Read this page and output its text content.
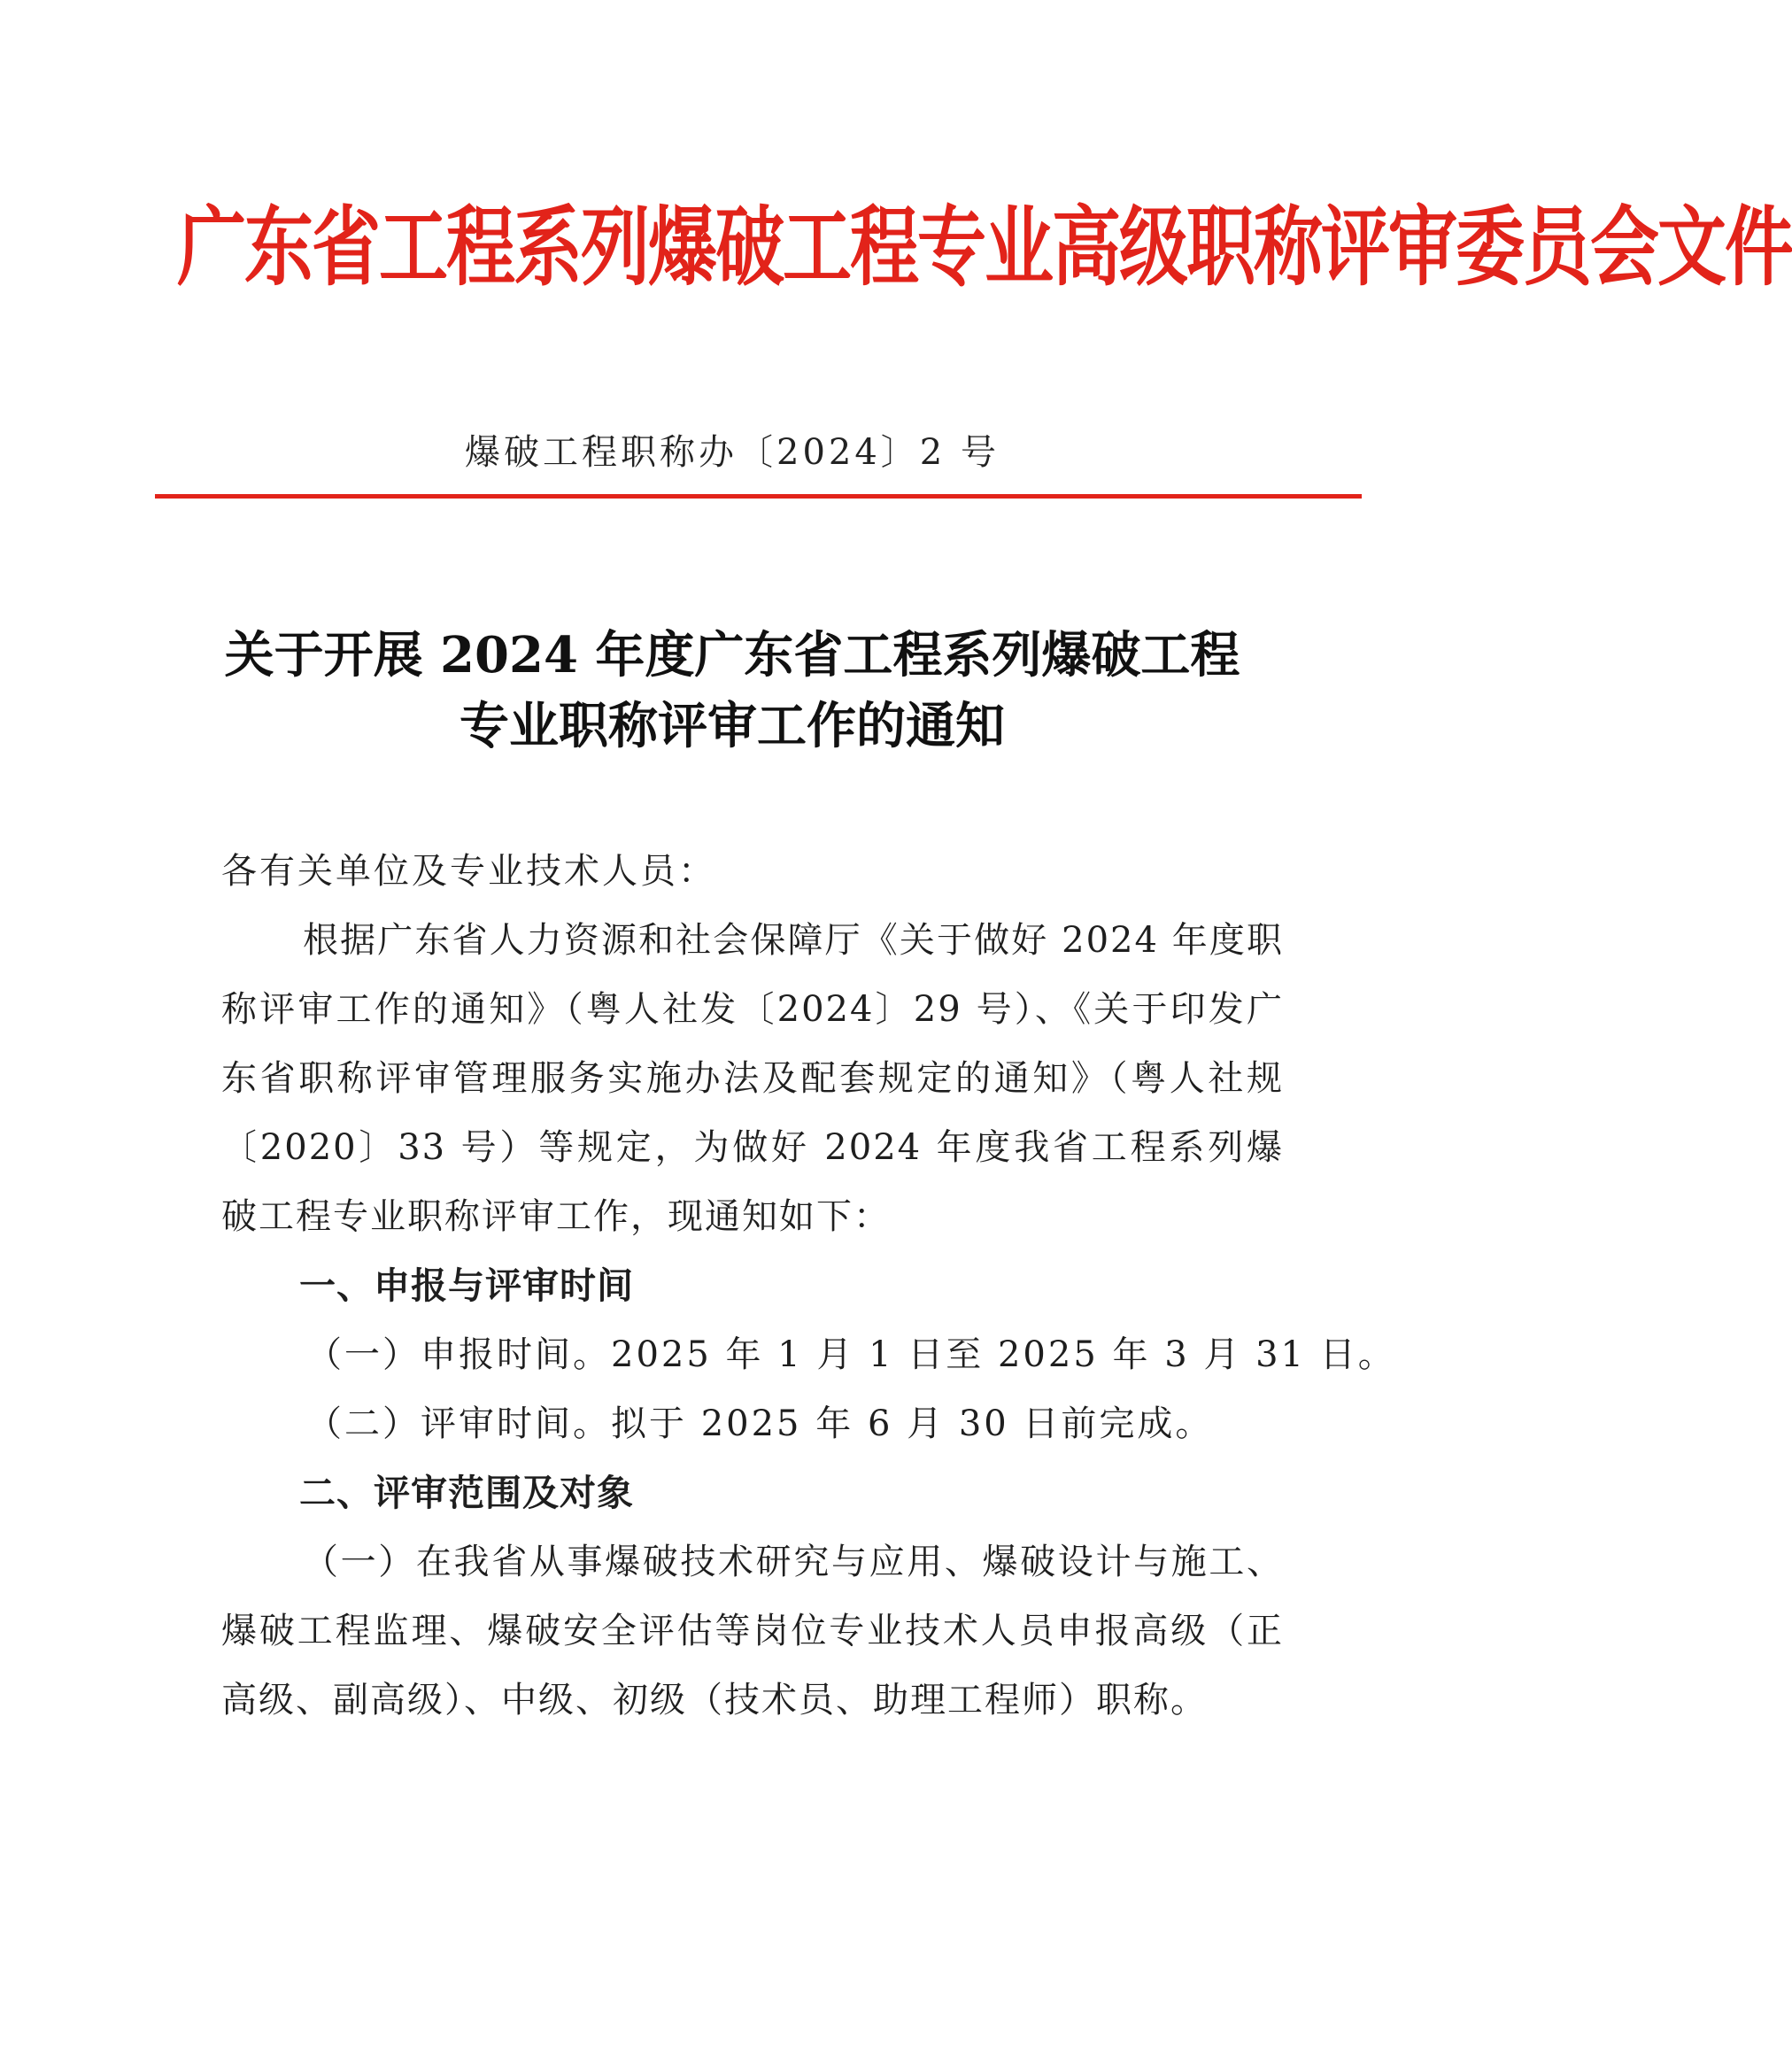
广东省工程系列爆破工程专业高级职称评审委员会文件
爆破工程职称办〔2024〕2 号
关于开展 2024 年度广东省工程系列爆破工程
专业职称评审工作的通知

各有关单位及专业技术人员：

根据广东省人力资源和社会保障厅《关于做好 2024 年度职称评审工作的通知》（粤人社发〔2024〕29 号）、《关于印发广东省职称评审管理服务实施办法及配套规定的通知》（粤人社规〔2020〕33 号）等规定，为做好 2024 年度我省工程系列爆破工程专业职称评审工作，现通知如下：

一、申报与评审时间

（一）申报时间。2025 年 1 月 1 日至 2025 年 3 月 31 日。

（二）评审时间。拟于 2025 年 6 月 30 日前完成。

二、评审范围及对象

（一）在我省从事爆破技术研究与应用、爆破设计与施工、爆破工程监理、爆破安全评估等岗位专业技术人员申报高级（正高级、副高级）、中级、初级（技术员、助理工程师）职称。
